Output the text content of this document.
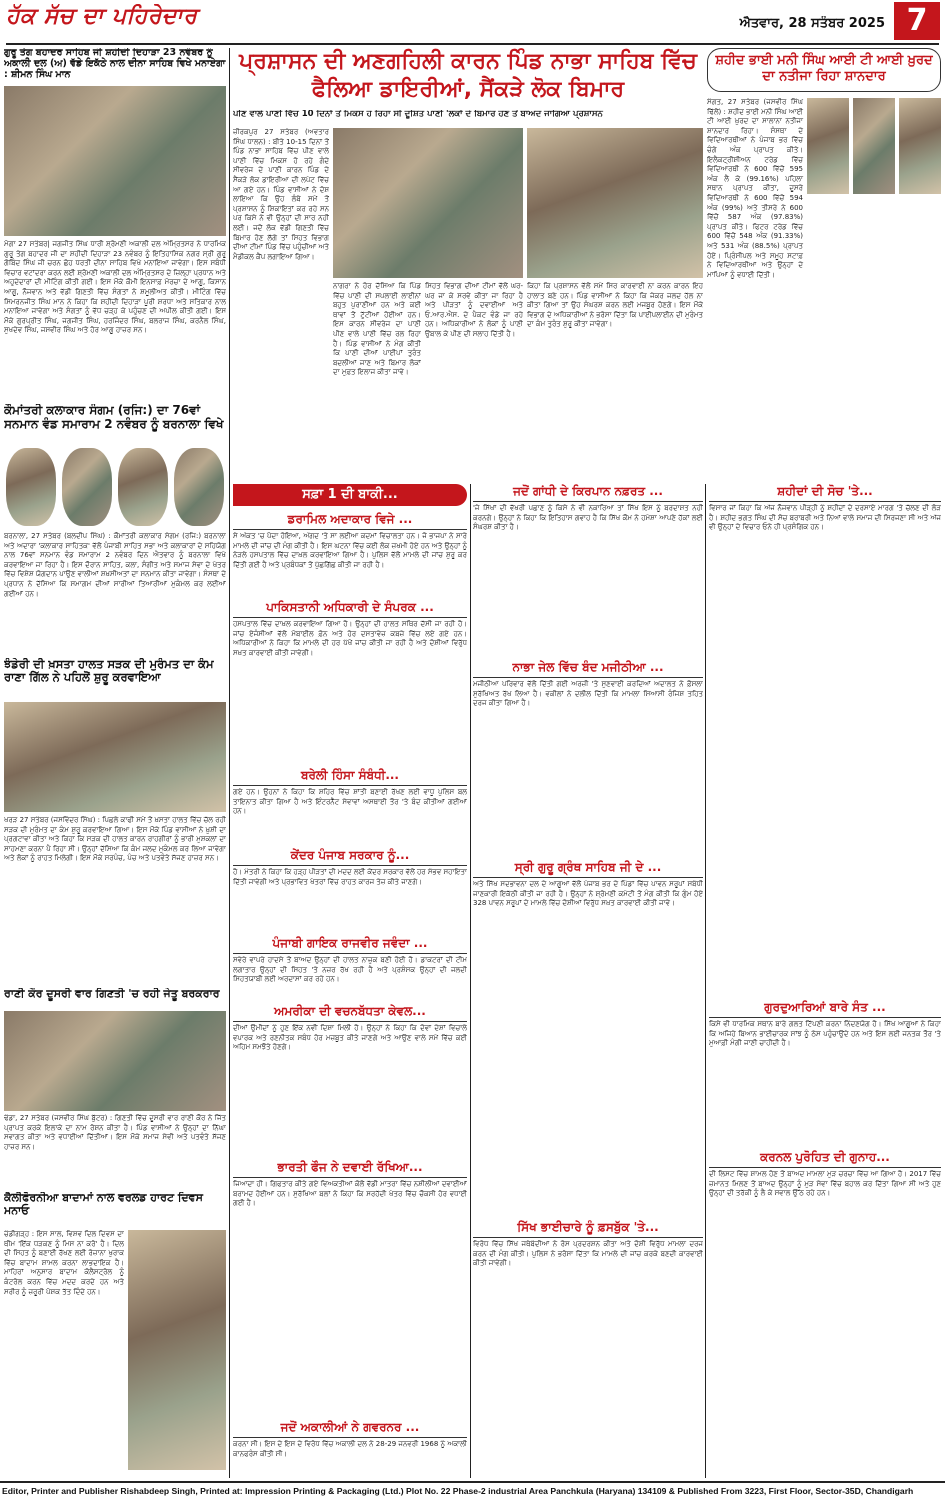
ਹੱਕ ਸੱਚ ਦਾ ਪਹਿਰੇਦਾਰ	ਐਤਵਾਰ, 28 ਸਤੰਬਰ 2025 7
ਗੁਰੂ ਤੇਗ ਬਹਾਦਰ ਸਾਹਿਬ ਜੀ ਸ਼ਹੀਦੀ ਦਿਹਾੜਾ 23 ਨਵੰਬਰ ਨੂੰ ਅਕਾਲੀ ਦਲ (ਅ) ਵੱਡੇ ਇਕੱਠੇ ਨਾਲ ਦੀਨਾ ਸਾਹਿਬ ਵਿਖੇ ਮਨਾਏਗਾ : ਸ਼ੀਮਨ ਸਿੰਘ ਮਾਨ
ਮੋਗਾ 27 ਸਤੰਬਰ| ਜਗਜੀਤ ਸਿੰਘ ਧਾਰੀ ਸ਼੍ਰੋਮਣੀ ਅਕਾਲੀ ਦਲ ਅੰਮ੍ਰਿਤਸਰ ਨੇ ਧਾਰਮਿਕ ਗੁਰੂ ਤੇਗ ਬਹਾਦਰ ਜੀ ਦਾ ਸ਼ਹੀਦੀ ਦਿਹਾੜਾ 23 ਨਵੰਬਰ ਨੂੰ ਇਤਿਹਾਸਿਕ ਨਗਰ ਸ੍ਰੀ ਗੁਰੂ ਗੋਬਿੰਦ ਸਿੰਘ ਜੀ ਚਰਨ ਛੋਹ ਧਰਤੀ ਦੀਨਾ ਸਾਹਿਬ ਵਿਖੇ ਮਨਾਇਆ ਜਾਵੇਗਾ। ਇਸ ਸਬੰਧੀ ਵਿਚਾਰ ਵਟਾਂਦਰਾ ਕਰਨ ਲਈ ਸ਼੍ਰੋਮਣੀ ਅਕਾਲੀ ਦਲ ਅੰਮ੍ਰਿਤਸਰ ਦੇ ਜ਼ਿਲ੍ਹਾ ਪ੍ਰਧਾਨ ਅਤੇ ਅਹੁਦੇਦਾਰਾਂ ਦੀ ਮੀਟਿੰਗ ਕੀਤੀ ਗਈ। ਇਸ ਮੌਕੇ ਕੌਮੀ ਇਨਸਾਫ਼ ਮੋਰਚਾ ਦੇ ਆਗੂ, ਕਿਸਾਨ ਆਗੂ, ਨੌਜਵਾਨ ਅਤੇ ਵੱਡੀ ਗਿਣਤੀ ਵਿੱਚ ਸੰਗਤਾਂ ਨੇ ਸ਼ਮੂਲੀਅਤ ਕੀਤੀ। ਮੀਟਿੰਗ ਵਿੱਚ ਸਿਮਰਨਜੀਤ ਸਿੰਘ ਮਾਨ ਨੇ ਕਿਹਾ ਕਿ ਸ਼ਹੀਦੀ ਦਿਹਾੜਾ ਪੂਰੀ ਸ਼ਰਧਾ ਅਤੇ ਸਤਿਕਾਰ ਨਾਲ ਮਨਾਇਆ ਜਾਵੇਗਾ ਅਤੇ ਸੰਗਤਾਂ ਨੂੰ ਵੱਧ ਚੜ੍ਹ ਕੇ ਪਹੁੰਚਣ ਦੀ ਅਪੀਲ ਕੀਤੀ ਗਈ। ਇਸ ਮੌਕੇ ਗੁਰਪ੍ਰੀਤ ਸਿੰਘ, ਜਗਜੀਤ ਸਿੰਘ, ਹਰਜਿੰਦਰ ਸਿੰਘ, ਬਲਰਾਜ ਸਿੰਘ, ਕਰਨੈਲ ਸਿੰਘ, ਸੁਖਦੇਵ ਸਿੰਘ, ਜਸਵੀਰ ਸਿੰਘ ਅਤੇ ਹੋਰ ਆਗੂ ਹਾਜ਼ਰ ਸਨ।
ਕੌਮਾਂਤਰੀ ਕਲਾਕਾਰ ਸੰਗਮ (ਰਜਿ:) ਦਾ 76ਵਾਂ ਸਨਮਾਨ ਵੰਡ ਸਮਾਰਾਮ 2 ਨਵੰਬਰ ਨੂੰ ਬਰਨਾਲਾ ਵਿਖੇ
ਬਰਨਾਲਾ, 27 ਸਤੰਬਰ (ਬਲਦੀਪ ਸਿੰਘ) : ਕੌਮਾਂਤਰੀ ਕਲਾਕਾਰ ਸੰਗਮ (ਰਜਿ:) ਬਰਨਾਲਾ ਅਤੇ ਅਦਾਰਾ 'ਕਲਾਕਾਰ ਸਾਹਿਤਕ' ਵੱਲੋਂ ਪੰਜਾਬੀ ਸਾਹਿਤ ਸਭਾ ਅਤੇ ਕਲਾਕਾਰਾਂ ਦੇ ਸਹਿਯੋਗ ਨਾਲ 76ਵਾਂ ਸਨਮਾਨ ਵੰਡ ਸਮਾਰਾਮ 2 ਨਵੰਬਰ ਦਿਨ ਐਤਵਾਰ ਨੂੰ ਬਰਨਾਲਾ ਵਿਖੇ ਕਰਵਾਇਆ ਜਾ ਰਿਹਾ ਹੈ। ਇਸ ਦੌਰਾਨ ਸਾਹਿਤ, ਕਲਾ, ਸੰਗੀਤ ਅਤੇ ਸਮਾਜ ਸੇਵਾ ਦੇ ਖੇਤਰ ਵਿੱਚ ਵਿਸ਼ੇਸ਼ ਯੋਗਦਾਨ ਪਾਉਣ ਵਾਲੀਆਂ ਸ਼ਖ਼ਸੀਅਤਾਂ ਦਾ ਸਨਮਾਨ ਕੀਤਾ ਜਾਵੇਗਾ। ਸੰਸਥਾ ਦੇ ਪ੍ਰਧਾਨ ਨੇ ਦੱਸਿਆ ਕਿ ਸਮਾਗਮ ਦੀਆਂ ਸਾਰੀਆਂ ਤਿਆਰੀਆਂ ਮੁਕੰਮਲ ਕਰ ਲਈਆਂ ਗਈਆਂ ਹਨ।
ਝੰਡੇਰੀ ਦੀ ਖ਼ਸਤਾ ਹਾਲਤ ਸੜਕ ਦੀ ਮੁਰੰਮਤ ਦਾ ਕੰਮ ਰਾਣਾ ਗਿੱਲ ਨੇ ਪਹਿਲੋਂ ਸ਼ੁਰੂ ਕਰਵਾਇਆ
ਖਰੜ 27 ਸਤੰਬਰ (ਜਸਵਿੰਦਰ ਸਿੰਘ) : ਪਿਛਲੇ ਕਾਫੀ ਸਮੇਂ ਤੋਂ ਖ਼ਸਤਾ ਹਾਲਤ ਵਿੱਚ ਚੱਲ ਰਹੀ ਸੜਕ ਦੀ ਮੁਰੰਮਤ ਦਾ ਕੰਮ ਸ਼ੁਰੂ ਕਰਵਾਇਆ ਗਿਆ। ਇਸ ਮੌਕੇ ਪਿੰਡ ਵਾਸੀਆਂ ਨੇ ਖ਼ੁਸ਼ੀ ਦਾ ਪ੍ਰਗਟਾਵਾ ਕੀਤਾ ਅਤੇ ਕਿਹਾ ਕਿ ਸੜਕ ਦੀ ਹਾਲਤ ਕਾਰਨ ਰਾਹਗੀਰਾਂ ਨੂੰ ਭਾਰੀ ਮੁਸ਼ਕਲਾਂ ਦਾ ਸਾਹਮਣਾ ਕਰਨਾ ਪੈ ਰਿਹਾ ਸੀ। ਉਨ੍ਹਾਂ ਦੱਸਿਆ ਕਿ ਕੰਮ ਜਲਦ ਮੁਕੰਮਲ ਕਰ ਲਿਆ ਜਾਵੇਗਾ ਅਤੇ ਲੋਕਾਂ ਨੂੰ ਰਾਹਤ ਮਿਲੇਗੀ। ਇਸ ਮੌਕੇ ਸਰਪੰਚ, ਪੰਚ ਅਤੇ ਪਤਵੰਤੇ ਸੱਜਣ ਹਾਜ਼ਰ ਸਨ।
ਰਾਣੀ ਕੌਰ ਦੂਸਰੀ ਵਾਰ ਗਿਣਤੀ 'ਚ ਰਹੀ ਜੇਤੂ ਬਰਕਰਾਰ
ਢੰਡਾ, 27 ਸਤੰਬਰ (ਜਸਵੀਰ ਸਿੰਘ ਬੁੱਟਰ) : ਗਿਣਤੀ ਵਿੱਚ ਦੂਸਰੀ ਵਾਰ ਰਾਣੀ ਕੌਰ ਨੇ ਜਿੱਤ ਪ੍ਰਾਪਤ ਕਰਕੇ ਇਲਾਕੇ ਦਾ ਨਾਮ ਰੋਸ਼ਨ ਕੀਤਾ ਹੈ। ਪਿੰਡ ਵਾਸੀਆਂ ਨੇ ਉਨ੍ਹਾਂ ਦਾ ਨਿੱਘਾ ਸਵਾਗਤ ਕੀਤਾ ਅਤੇ ਵਧਾਈਆਂ ਦਿੱਤੀਆਂ। ਇਸ ਮੌਕੇ ਸਮਾਜ ਸੇਵੀ ਅਤੇ ਪਤਵੰਤੇ ਸੱਜਣ ਹਾਜ਼ਰ ਸਨ।
ਕੈਲੀਫੋਰਨੀਆ ਬਾਦਾਮਾਂ ਨਾਲ ਵਰਲਡ ਹਾਰਟ ਦਿਵਸ ਮਨਾਓ
ਚੰਡੀਗੜ੍ਹ : ਇਸ ਸਾਲ, ਵਿਸ਼ਵ ਦਿਲ ਦਿਵਸ ਦਾ ਥੀਮ 'ਇੱਕ ਧੜਕਣ ਨੂੰ ਮਿਸ ਨਾ ਕਰੋ' ਹੈ। ਦਿਲ ਦੀ ਸਿਹਤ ਨੂੰ ਬਣਾਈ ਰੱਖਣ ਲਈ ਰੋਜ਼ਾਨਾ ਖੁਰਾਕ ਵਿੱਚ ਬਾਦਾਮ ਸ਼ਾਮਲ ਕਰਨਾ ਲਾਭਦਾਇਕ ਹੈ। ਮਾਹਿਰਾਂ ਅਨੁਸਾਰ ਬਾਦਾਮ ਕੋਲੈਸਟ੍ਰੋਲ ਨੂੰ ਕੰਟਰੋਲ ਕਰਨ ਵਿੱਚ ਮਦਦ ਕਰਦੇ ਹਨ ਅਤੇ ਸਰੀਰ ਨੂੰ ਜ਼ਰੂਰੀ ਪੋਸ਼ਕ ਤੱਤ ਦਿੰਦੇ ਹਨ।
ਪ੍ਰਸ਼ਾਸਨ ਦੀ ਅਣਗਹਿਲੀ ਕਾਰਨ ਪਿੰਡ ਨਾਭਾ ਸਾਹਿਬ ਵਿੱਚ ਫੈਲਿਆ ਡਾਇਰੀਆਂ, ਸੈਂਕੜੇ ਲੋਕ ਬਿਮਾਰ
ਪੀਣ ਵਾਲੇ ਪਾਣੀ ਵਿੱਚ 10 ਦਿਨਾਂ ਤੋਂ ਮਿਕਸ ਹੋ ਰਿਹਾ ਸੀ ਦੂਸ਼ਿਤ ਪਾਣੀ 'ਲੋਕਾਂ ਦੇ ਬਿਮਾਰ ਹੋਣ ਤੋਂ ਬਾਅਦ ਜਾਗਿਆ ਪ੍ਰਸ਼ਾਸਨ
ਜ਼ੀਰਕਪੁਰ 27 ਸਤੰਬਰ (ਅਵਤਾਰ ਸਿੰਘ ਧਾਲਨ) : ਬੀਤੇ 10-15 ਦਿਨਾਂ ਤੋਂ ਪਿੰਡ ਨਾਭਾ ਸਾਹਿਬ ਵਿੱਚ ਪੀਣ ਵਾਲੇ ਪਾਣੀ ਵਿੱਚ ਮਿਕਸ ਹੋ ਰਹੇ ਗੰਦੇ ਸੀਵਰੇਜ ਦੇ ਪਾਣੀ ਕਾਰਨ ਪਿੰਡ ਦੇ ਸੈਂਕੜੇ ਲੋਕ ਡਾਇਰੀਆ ਦੀ ਲਪੇਟ ਵਿੱਚ ਆ ਗਏ ਹਨ। ਪਿੰਡ ਵਾਸੀਆਂ ਨੇ ਦੋਸ਼ ਲਾਇਆ ਕਿ ਉਹ ਲੰਬੇ ਸਮੇਂ ਤੋਂ ਪ੍ਰਸ਼ਾਸਨ ਨੂੰ ਸ਼ਿਕਾਇਤਾਂ ਕਰ ਰਹੇ ਸਨ ਪਰ ਕਿਸੇ ਨੇ ਵੀ ਉਨ੍ਹਾਂ ਦੀ ਸਾਰ ਨਹੀਂ ਲਈ। ਜਦੋਂ ਲੋਕ ਵੱਡੀ ਗਿਣਤੀ ਵਿੱਚ ਬਿਮਾਰ ਹੋਣ ਲੱਗੇ ਤਾਂ ਸਿਹਤ ਵਿਭਾਗ ਦੀਆਂ ਟੀਮਾਂ ਪਿੰਡ ਵਿੱਚ ਪਹੁੰਚੀਆਂ ਅਤੇ ਮੈਡੀਕਲ ਕੈਂਪ ਲਗਾਇਆ ਗਿਆ।
ਨਾਗਰਾ ਨੇ ਹੋਰ ਦੱਸਿਆ ਕਿ ਪਿੰਡ ਵਿੱਚ ਪਾਣੀ ਦੀ ਸਪਲਾਈ ਲਾਈਨਾਂ ਬਹੁਤ ਪੁਰਾਣੀਆਂ ਹਨ ਅਤੇ ਕਈ ਥਾਵਾਂ ਤੋਂ ਟੁੱਟੀਆਂ ਹੋਈਆਂ ਹਨ। ਇਸ ਕਾਰਨ ਸੀਵਰੇਜ ਦਾ ਪਾਣੀ ਪੀਣ ਵਾਲੇ ਪਾਣੀ ਵਿੱਚ ਰਲ ਰਿਹਾ ਹੈ। ਪਿੰਡ ਵਾਸੀਆਂ ਨੇ ਮੰਗ ਕੀਤੀ ਕਿ ਪਾਣੀ ਦੀਆਂ ਪਾਈਪਾਂ ਤੁਰੰਤ ਬਦਲੀਆਂ ਜਾਣ ਅਤੇ ਬਿਮਾਰ ਲੋਕਾਂ ਦਾ ਮੁਫ਼ਤ ਇਲਾਜ ਕੀਤਾ ਜਾਵੇ।
ਸਿਹਤ ਵਿਭਾਗ ਦੀਆਂ ਟੀਮਾਂ ਵੱਲੋਂ ਘਰ-ਘਰ ਜਾ ਕੇ ਸਰਵੇ ਕੀਤਾ ਜਾ ਰਿਹਾ ਹੈ ਅਤੇ ਪੀੜਤਾਂ ਨੂੰ ਦਵਾਈਆਂ ਅਤੇ ਓ.ਆਰ.ਐਸ. ਦੇ ਪੈਕਟ ਵੰਡੇ ਜਾ ਰਹੇ ਹਨ। ਅਧਿਕਾਰੀਆਂ ਨੇ ਲੋਕਾਂ ਨੂੰ ਪਾਣੀ ਉਬਾਲ ਕੇ ਪੀਣ ਦੀ ਸਲਾਹ ਦਿੱਤੀ ਹੈ।
ਕਿਹਾ ਕਿ ਪ੍ਰਸ਼ਾਸਨ ਵੱਲੋਂ ਸਮੇਂ ਸਿਰ ਕਾਰਵਾਈ ਨਾ ਕਰਨ ਕਾਰਨ ਇਹ ਹਾਲਾਤ ਬਣੇ ਹਨ। ਪਿੰਡ ਵਾਸੀਆਂ ਨੇ ਕਿਹਾ ਕਿ ਜੇਕਰ ਜਲਦ ਹੱਲ ਨਾ ਕੀਤਾ ਗਿਆ ਤਾਂ ਉਹ ਸੰਘਰਸ਼ ਕਰਨ ਲਈ ਮਜਬੂਰ ਹੋਣਗੇ। ਇਸ ਮੌਕੇ ਵਿਭਾਗ ਦੇ ਅਧਿਕਾਰੀਆਂ ਨੇ ਭਰੋਸਾ ਦਿੱਤਾ ਕਿ ਪਾਈਪਲਾਈਨ ਦੀ ਮੁਰੰਮਤ ਦਾ ਕੰਮ ਤੁਰੰਤ ਸ਼ੁਰੂ ਕੀਤਾ ਜਾਵੇਗਾ।
ਸ਼ਹੀਦ ਭਾਈ ਮਨੀ ਸਿੰਘ ਆਈ ਟੀ ਆਈ ਖ਼ੁਰਦ ਦਾ ਨਤੀਜਾ ਰਿਹਾ ਸ਼ਾਨਦਾਰ
ਸੰਗਤ, 27 ਸਤੰਬਰ (ਜਸਵੀਰ ਸਿੰਘ ਢਿੱਲੋਂ) : ਸ਼ਹੀਦ ਭਾਈ ਮਨੀ ਸਿੰਘ ਆਈ ਟੀ ਆਈ ਖ਼ੁਰਦ ਦਾ ਸਾਲਾਨਾ ਨਤੀਜਾ ਸ਼ਾਨਦਾਰ ਰਿਹਾ। ਸੰਸਥਾ ਦੇ ਵਿਦਿਆਰਥੀਆਂ ਨੇ ਪੰਜਾਬ ਭਰ ਵਿੱਚ ਚੰਗੇ ਅੰਕ ਪ੍ਰਾਪਤ ਕੀਤੇ। ਇਲੈਕਟ੍ਰੀਸ਼ੀਅਨ ਟਰੇਡ ਵਿੱਚ ਵਿਦਿਆਰਥੀ ਨੇ 600 ਵਿੱਚੋਂ 595 ਅੰਕ ਲੈ ਕੇ (99.16%) ਪਹਿਲਾ ਸਥਾਨ ਪ੍ਰਾਪਤ ਕੀਤਾ, ਦੂਸਰੇ ਵਿਦਿਆਰਥੀ ਨੇ 600 ਵਿੱਚੋਂ 594 ਅੰਕ (99%) ਅਤੇ ਤੀਸਰੇ ਨੇ 600 ਵਿੱਚੋਂ 587 ਅੰਕ (97.83%) ਪ੍ਰਾਪਤ ਕੀਤੇ। ਫਿਟਰ ਟਰੇਡ ਵਿੱਚ 600 ਵਿੱਚੋਂ 548 ਅੰਕ (91.33%) ਅਤੇ 531 ਅੰਕ (88.5%) ਪ੍ਰਾਪਤ ਹੋਏ। ਪ੍ਰਿੰਸੀਪਲ ਅਤੇ ਸਮੂਹ ਸਟਾਫ਼ ਨੇ ਵਿਦਿਆਰਥੀਆਂ ਅਤੇ ਉਨ੍ਹਾਂ ਦੇ ਮਾਪਿਆਂ ਨੂੰ ਵਧਾਈ ਦਿੱਤੀ।
ਸਫ਼ਾ 1 ਦੀ ਬਾਕੀ...
ਡਰਾਮਿਲ ਅਦਾਕਾਰ ਵਿਜੇ ...
ਸੇ ਅੰਕਤ 'ਚ ਪੈਦਾ ਹੋਇਆ, ਅੰਗਦ 'ਤੇ ਸਾ ਲਈਆ ਕਦਮਾਂ ਵਿਚਾਲਤਾ ਹਨ। ਜੋ ਭਾਜਪਾ ਨੇ ਸਾਰੇ ਮਾਮਲੇ ਦੀ ਜਾਂਚ ਦੀ ਮੰਗ ਕੀਤੀ ਹੈ। ਇਸ ਘਟਨਾ ਵਿੱਚ ਕਈ ਲੋਕ ਜ਼ਖਮੀ ਹੋਏ ਹਨ ਅਤੇ ਉਨ੍ਹਾਂ ਨੂੰ ਨੇੜਲੇ ਹਸਪਤਾਲ ਵਿੱਚ ਦਾਖ਼ਲ ਕਰਵਾਇਆ ਗਿਆ ਹੈ। ਪੁਲਿਸ ਵੱਲੋਂ ਮਾਮਲੇ ਦੀ ਜਾਂਚ ਸ਼ੁਰੂ ਕਰ ਦਿੱਤੀ ਗਈ ਹੈ ਅਤੇ ਪ੍ਰਬੰਧਕਾਂ ਤੋਂ ਪੁੱਛਗਿੱਛ ਕੀਤੀ ਜਾ ਰਹੀ ਹੈ।
ਪਾਕਿਸਤਾਨੀ ਅਧਿਕਾਰੀ ਦੇ ਸੰਪਰਕ ...
ਹਸਪਤਾਲ ਵਿੱਚ ਦਾਖ਼ਲ ਕਰਵਾਇਆ ਗਿਆ ਹੈ। ਉਨ੍ਹਾਂ ਦੀ ਹਾਲਤ ਸਥਿਰ ਦੱਸੀ ਜਾ ਰਹੀ ਹੈ। ਜਾਂਚ ਏਜੰਸੀਆਂ ਵੱਲੋਂ ਮੋਬਾਈਲ ਫ਼ੋਨ ਅਤੇ ਹੋਰ ਦਸਤਾਵੇਜ਼ ਕਬਜ਼ੇ ਵਿੱਚ ਲਏ ਗਏ ਹਨ। ਅਧਿਕਾਰੀਆਂ ਨੇ ਕਿਹਾ ਕਿ ਮਾਮਲੇ ਦੀ ਹਰ ਪੱਖੋਂ ਜਾਂਚ ਕੀਤੀ ਜਾ ਰਹੀ ਹੈ ਅਤੇ ਦੋਸ਼ੀਆਂ ਵਿਰੁੱਧ ਸਖ਼ਤ ਕਾਰਵਾਈ ਕੀਤੀ ਜਾਵੇਗੀ।
ਬਰੇਲੀ ਹਿੰਸਾ ਸੰਬੰਧੀ...
ਗਏ ਹਨ। ਉਹਨਾਂ ਨੇ ਕਿਹਾ ਕਿ ਸ਼ਹਿਰ ਵਿੱਚ ਸ਼ਾਂਤੀ ਬਣਾਈ ਰੱਖਣ ਲਈ ਵਾਧੂ ਪੁਲਿਸ ਬਲ ਤਾਇਨਾਤ ਕੀਤਾ ਗਿਆ ਹੈ ਅਤੇ ਇੰਟਰਨੈੱਟ ਸੇਵਾਵਾਂ ਅਸਥਾਈ ਤੌਰ 'ਤੇ ਬੰਦ ਕੀਤੀਆਂ ਗਈਆਂ ਹਨ।
ਕੇਂਦਰ ਪੰਜਾਬ ਸਰਕਾਰ ਨੂੰ...
ਹੈ। ਮੰਤਰੀ ਨੇ ਕਿਹਾ ਕਿ ਹੜ੍ਹ ਪੀੜਤਾਂ ਦੀ ਮਦਦ ਲਈ ਕੇਂਦਰ ਸਰਕਾਰ ਵੱਲੋਂ ਹਰ ਸੰਭਵ ਸਹਾਇਤਾ ਦਿੱਤੀ ਜਾਵੇਗੀ ਅਤੇ ਪ੍ਰਭਾਵਿਤ ਖੇਤਰਾਂ ਵਿੱਚ ਰਾਹਤ ਕਾਰਜ ਤੇਜ਼ ਕੀਤੇ ਜਾਣਗੇ।
ਪੰਜਾਬੀ ਗਾਇਕ ਰਾਜਵੀਰ ਜਵੰਦਾ ...
ਸਵੇਰੇ ਵਾਪਰੇ ਹਾਦਸੇ ਤੋਂ ਬਾਅਦ ਉਨ੍ਹਾਂ ਦੀ ਹਾਲਤ ਨਾਜ਼ੁਕ ਬਣੀ ਹੋਈ ਹੈ। ਡਾਕਟਰਾਂ ਦੀ ਟੀਮ ਲਗਾਤਾਰ ਉਨ੍ਹਾਂ ਦੀ ਸਿਹਤ 'ਤੇ ਨਜ਼ਰ ਰੱਖ ਰਹੀ ਹੈ ਅਤੇ ਪ੍ਰਸ਼ੰਸਕ ਉਨ੍ਹਾਂ ਦੀ ਜਲਦੀ ਸਿਹਤਯਾਬੀ ਲਈ ਅਰਦਾਸਾਂ ਕਰ ਰਹੇ ਹਨ।
ਅਮਰੀਕਾ ਦੀ ਵਚਨਬੱਧਤਾ ਕੇਵਲ...
ਦੀਆਂ ਉਮੀਦਾਂ ਨੂੰ ਹੁਣ ਇੱਕ ਨਵੀਂ ਦਿਸ਼ਾ ਮਿਲੀ ਹੈ। ਉਨ੍ਹਾਂ ਨੇ ਕਿਹਾ ਕਿ ਦੋਵਾਂ ਦੇਸ਼ਾਂ ਵਿਚਾਲੇ ਵਪਾਰਕ ਅਤੇ ਰਣਨੀਤਕ ਸਬੰਧ ਹੋਰ ਮਜ਼ਬੂਤ ਕੀਤੇ ਜਾਣਗੇ ਅਤੇ ਆਉਣ ਵਾਲੇ ਸਮੇਂ ਵਿੱਚ ਕਈ ਅਹਿਮ ਸਮਝੌਤੇ ਹੋਣਗੇ।
ਭਾਰਤੀ ਫੌਜ ਨੇ ਦਵਾਈ ਰੱਖਿਆ...
ਜਿਆਦਾ ਹੀ। ਗਿਫਤਾਰ ਕੀਤੇ ਗਏ ਵਿਅਕਤੀਆਂ ਕੋਲੋਂ ਵੱਡੀ ਮਾਤਰਾ ਵਿੱਚ ਨਸ਼ੀਲੀਆਂ ਦਵਾਈਆਂ ਬਰਾਮਦ ਹੋਈਆਂ ਹਨ। ਸੁਰੱਖਿਆ ਬਲਾਂ ਨੇ ਕਿਹਾ ਕਿ ਸਰਹੱਦੀ ਖੇਤਰ ਵਿੱਚ ਚੌਕਸੀ ਹੋਰ ਵਧਾਈ ਗਈ ਹੈ।
ਜਦੋਂ ਅਕਾਲੀਆਂ ਨੇ ਗਵਰਨਰ ...
ਕਰਨਾ ਸੀ। ਇਸ ਦੇ ਇਸ ਦੇ ਵਿਰੋਧ ਵਿੱਚ ਅਕਾਲੀ ਦਲ ਨੇ 28-29 ਜਨਵਰੀ 1968 ਨੂੰ ਅਕਾਲੀ ਕਾਨਫਰੰਸ ਕੀਤੀ ਸੀ।
ਜਦੋਂ ਗਾਂਧੀ ਦੇ ਕਿਰਪਾਨ ਨਫ਼ਰਤ ...
'ਜੇ ਸਿੱਖਾਂ ਦੀ ਵੱਖਰੀ ਪਛਾਣ ਨੂੰ ਕਿਸੇ ਨੇ ਵੀ ਨਕਾਰਿਆ ਤਾਂ ਸਿੱਖ ਇਸ ਨੂੰ ਬਰਦਾਸ਼ਤ ਨਹੀਂ ਕਰਨਗੇ। ਉਨ੍ਹਾਂ ਨੇ ਕਿਹਾ ਕਿ ਇਤਿਹਾਸ ਗਵਾਹ ਹੈ ਕਿ ਸਿੱਖ ਕੌਮ ਨੇ ਹਮੇਸ਼ਾ ਆਪਣੇ ਹੱਕਾਂ ਲਈ ਸੰਘਰਸ਼ ਕੀਤਾ ਹੈ।
ਨਾਭਾ ਜੇਲ ਵਿੱਚ ਬੰਦ ਮਜੀਠੀਆ ...
ਮਜੀਠੀਆ ਪਰਿਵਾਰ ਵੱਲੋਂ ਦਿੱਤੀ ਗਈ ਅਰਜ਼ੀ 'ਤੇ ਸੁਣਵਾਈ ਕਰਦਿਆਂ ਅਦਾਲਤ ਨੇ ਫ਼ੈਸਲਾ ਸੁਰੱਖਿਅਤ ਰੱਖ ਲਿਆ ਹੈ। ਵਕੀਲਾਂ ਨੇ ਦਲੀਲ ਦਿੱਤੀ ਕਿ ਮਾਮਲਾ ਸਿਆਸੀ ਰੰਜਿਸ਼ ਤਹਿਤ ਦਰਜ ਕੀਤਾ ਗਿਆ ਹੈ।
ਸ੍ਰੀ ਗੁਰੂ ਗ੍ਰੰਥ ਸਾਹਿਬ ਜੀ ਦੇ ...
ਅਤੇ ਸਿੱਖ ਸਦਭਾਵਨਾ ਦਲ ਦੇ ਆਗੂਆਂ ਵੱਲੋਂ ਪੰਜਾਬ ਭਰ ਦੇ ਪਿੰਡਾਂ ਵਿੱਚ ਪਾਵਨ ਸਰੂਪਾਂ ਸਬੰਧੀ ਜਾਣਕਾਰੀ ਇਕੱਠੀ ਕੀਤੀ ਜਾ ਰਹੀ ਹੈ। ਉਨ੍ਹਾਂ ਨੇ ਸ਼੍ਰੋਮਣੀ ਕਮੇਟੀ ਤੋਂ ਮੰਗ ਕੀਤੀ ਕਿ ਗੁੰਮ ਹੋਏ 328 ਪਾਵਨ ਸਰੂਪਾਂ ਦੇ ਮਾਮਲੇ ਵਿੱਚ ਦੋਸ਼ੀਆਂ ਵਿਰੁੱਧ ਸਖ਼ਤ ਕਾਰਵਾਈ ਕੀਤੀ ਜਾਵੇ।
ਸਿੱਖ ਭਾਈਚਾਰੇ ਨੂੰ ਫ਼ਸਬੁੱਕ 'ਤੇ...
ਵਿਰੋਧ ਵਿੱਚ ਸਿੱਖ ਜਥੇਬੰਦੀਆਂ ਨੇ ਰੋਸ ਪ੍ਰਦਰਸ਼ਨ ਕੀਤਾ ਅਤੇ ਦੋਸ਼ੀ ਵਿਰੁੱਧ ਮਾਮਲਾ ਦਰਜ ਕਰਨ ਦੀ ਮੰਗ ਕੀਤੀ। ਪੁਲਿਸ ਨੇ ਭਰੋਸਾ ਦਿੱਤਾ ਕਿ ਮਾਮਲੇ ਦੀ ਜਾਂਚ ਕਰਕੇ ਬਣਦੀ ਕਾਰਵਾਈ ਕੀਤੀ ਜਾਵੇਗੀ।
ਸ਼ਹੀਦਾਂ ਦੀ ਸੋਚ 'ਤੇ...
ਵਿਸਾਰ ਜਾਂ ਕਿਹਾ ਕਿ ਅੱਜ ਨੌਜਵਾਨ ਪੀੜ੍ਹੀ ਨੂੰ ਸ਼ਹੀਦਾਂ ਦੇ ਦਰਸਾਏ ਮਾਰਗ 'ਤੇ ਚੱਲਣ ਦੀ ਲੋੜ ਹੈ। ਸ਼ਹੀਦ ਭਗਤ ਸਿੰਘ ਦੀ ਸੋਚ ਬਰਾਬਰੀ ਅਤੇ ਨਿਆਂ ਵਾਲੇ ਸਮਾਜ ਦੀ ਸਿਰਜਣਾ ਸੀ ਅਤੇ ਅੱਜ ਵੀ ਉਨ੍ਹਾਂ ਦੇ ਵਿਚਾਰ ਓਨੇ ਹੀ ਪ੍ਰਸੰਗਿਕ ਹਨ।
ਗੁਰਦੁਆਰਿਆਂ ਬਾਰੇ ਸੰਤ ...
ਕਿਸੇ ਵੀ ਧਾਰਮਿਕ ਸਥਾਨ ਬਾਰੇ ਗਲਤ ਟਿੱਪਣੀ ਕਰਨਾ ਨਿੰਦਣਯੋਗ ਹੈ। ਸਿੱਖ ਆਗੂਆਂ ਨੇ ਕਿਹਾ ਕਿ ਅਜਿਹੇ ਬਿਆਨ ਭਾਈਚਾਰਕ ਸਾਂਝ ਨੂੰ ਠੇਸ ਪਹੁੰਚਾਉਂਦੇ ਹਨ ਅਤੇ ਇਸ ਲਈ ਜਨਤਕ ਤੌਰ 'ਤੇ ਮੁਆਫ਼ੀ ਮੰਗੀ ਜਾਣੀ ਚਾਹੀਦੀ ਹੈ।
ਕਰਨਲ ਪੁਰੋਹਿਤ ਦੀ ਗੁਨਾਹ...
ਦੀ ਲਿਸਟ ਵਿੱਚ ਸ਼ਾਮਲ ਹੋਣ ਤੋਂ ਬਾਅਦ ਮਾਮਲਾ ਮੁੜ ਚਰਚਾ ਵਿੱਚ ਆ ਗਿਆ ਹੈ। 2017 ਵਿੱਚ ਜ਼ਮਾਨਤ ਮਿਲਣ ਤੋਂ ਬਾਅਦ ਉਨ੍ਹਾਂ ਨੂੰ ਮੁੜ ਸੇਵਾ ਵਿੱਚ ਬਹਾਲ ਕਰ ਦਿੱਤਾ ਗਿਆ ਸੀ ਅਤੇ ਹੁਣ ਉਨ੍ਹਾਂ ਦੀ ਤਰੱਕੀ ਨੂੰ ਲੈ ਕੇ ਸਵਾਲ ਉੱਠ ਰਹੇ ਹਨ।
Editor, Printer and Publisher Rishabdeep Singh, Printed at: Impression Printing & Packaging (Ltd.) Plot No. 22 Phase-2 industrial Area Panchkula (Haryana) 134109 & Published From 3223, First Floor, Sector-35D, Chandigarh
